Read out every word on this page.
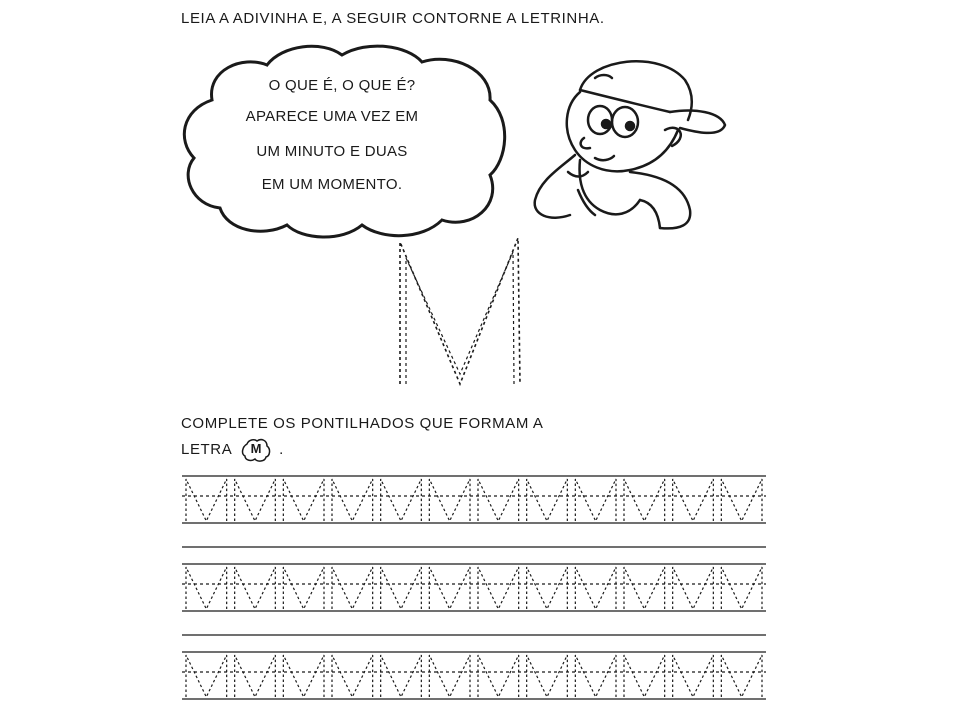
LEIA A ADIVINHA E, A SEGUIR CONTORNE A LETRINHA.
O QUE É, O QUE É?
APARECE UMA VEZ EM
UM MINUTO E DUAS
EM UM MOMENTO.
COMPLETE OS PONTILHADOS QUE FORMAM A
LETRA	M	.
